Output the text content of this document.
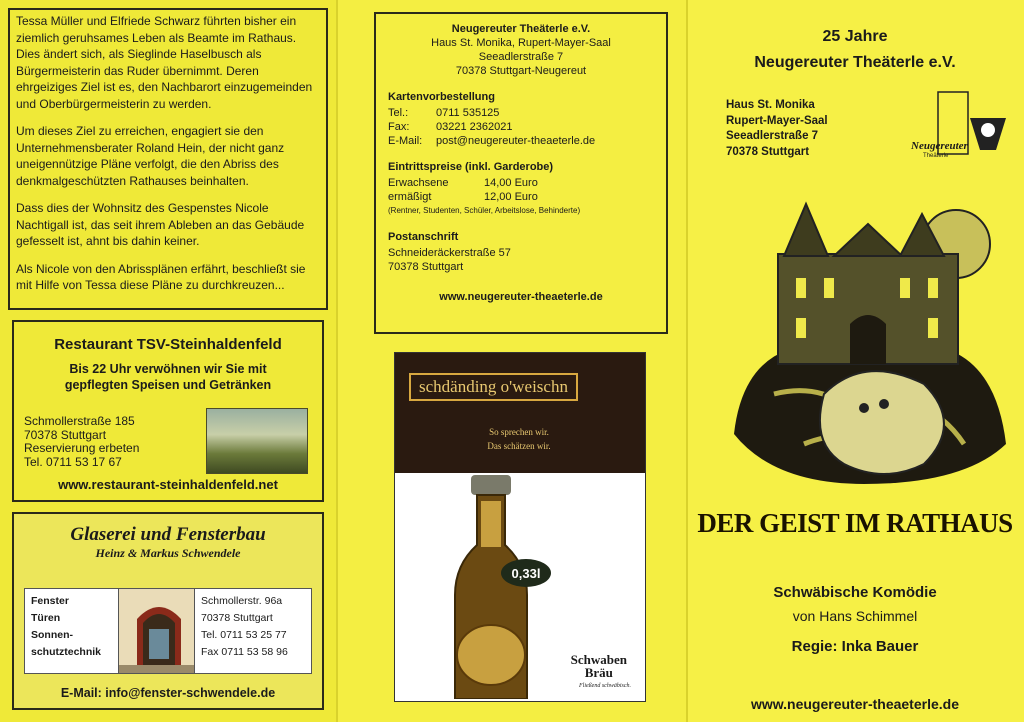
Tessa Müller und Elfriede Schwarz führten bisher ein ziemlich geruhsames Leben als Beamte im Rathaus. Dies ändert sich, als Sieglinde Haselbusch als Bürgermeisterin das Ruder übernimmt. Deren ehrgeiziges Ziel ist es, den Nachbarort einzugemeinden und Oberbürgermeisterin zu werden.

Um dieses Ziel zu erreichen, engagiert sie den Unternehmensberater Roland Hein, der nicht ganz uneigennützige Pläne verfolgt, die den Abriss des denkmalgeschützten Rathauses beinhalten.

Dass dies der Wohnsitz des Gespenstes Nicole Nachtigall ist, das seit ihrem Ableben an das Gebäude gefesselt ist, ahnt bis dahin keiner.

Als Nicole von den Abrissplänen erfährt, beschließt sie mit Hilfe von Tessa diese Pläne zu durchkreuzen...

Restaurant TSV-Steinhaldenfeld
Bis 22 Uhr verwöhnen wir Sie mit
gepflegten Speisen und Getränken
Schmollerstraße 185
70378 Stuttgart
Reservierung erbeten
Tel. 0711 53 17 67
www.restaurant-steinhaldenfeld.net
Glaserei und Fensterbau
Heinz & Markus Schwendele
Fenster
Türen
Sonnen-
schutztechnik
Schmollerstr. 96a
70378 Stuttgart
Tel. 0711 53 25 77
Fax 0711 53 58 96
E-Mail: info@fenster-schwendele.de
Neugereuter Theäterle e.V.
Haus St. Monika, Rupert-Mayer-Saal
Seeadlerstraße 7
70378 Stuttgart-Neugereut
Kartenvorbestellung
Tel.:	0711 535125
Fax:	03221 2362021
E-Mail:	post@neugereuter-theaeterle.de
Eintrittspreise (inkl. Garderobe)
Erwachsene	14,00 Euro
ermäßigt	12,00 Euro
(Rentner, Studenten, Schüler, Arbeitslose, Behinderte)
Postanschrift
Schneideräckerstraße 57
70378 Stuttgart
www.neugereuter-theaeterle.de
schdänding o'weischn
So sprechen wir.
Das schätzen wir.
0,33l
Schwaben
Bräu
Fließend schwäbisch.
25 Jahre
Neugereuter Theäterle e.V.
Haus St. Monika
Rupert-Mayer-Saal
Seeadlerstraße 7
70378 Stuttgart	Neugereuter
Theäterle
DER GEIST IM RATHAUS
Schwäbische Komödie
von Hans Schimmel
Regie: Inka Bauer
www.neugereuter-theaeterle.de
